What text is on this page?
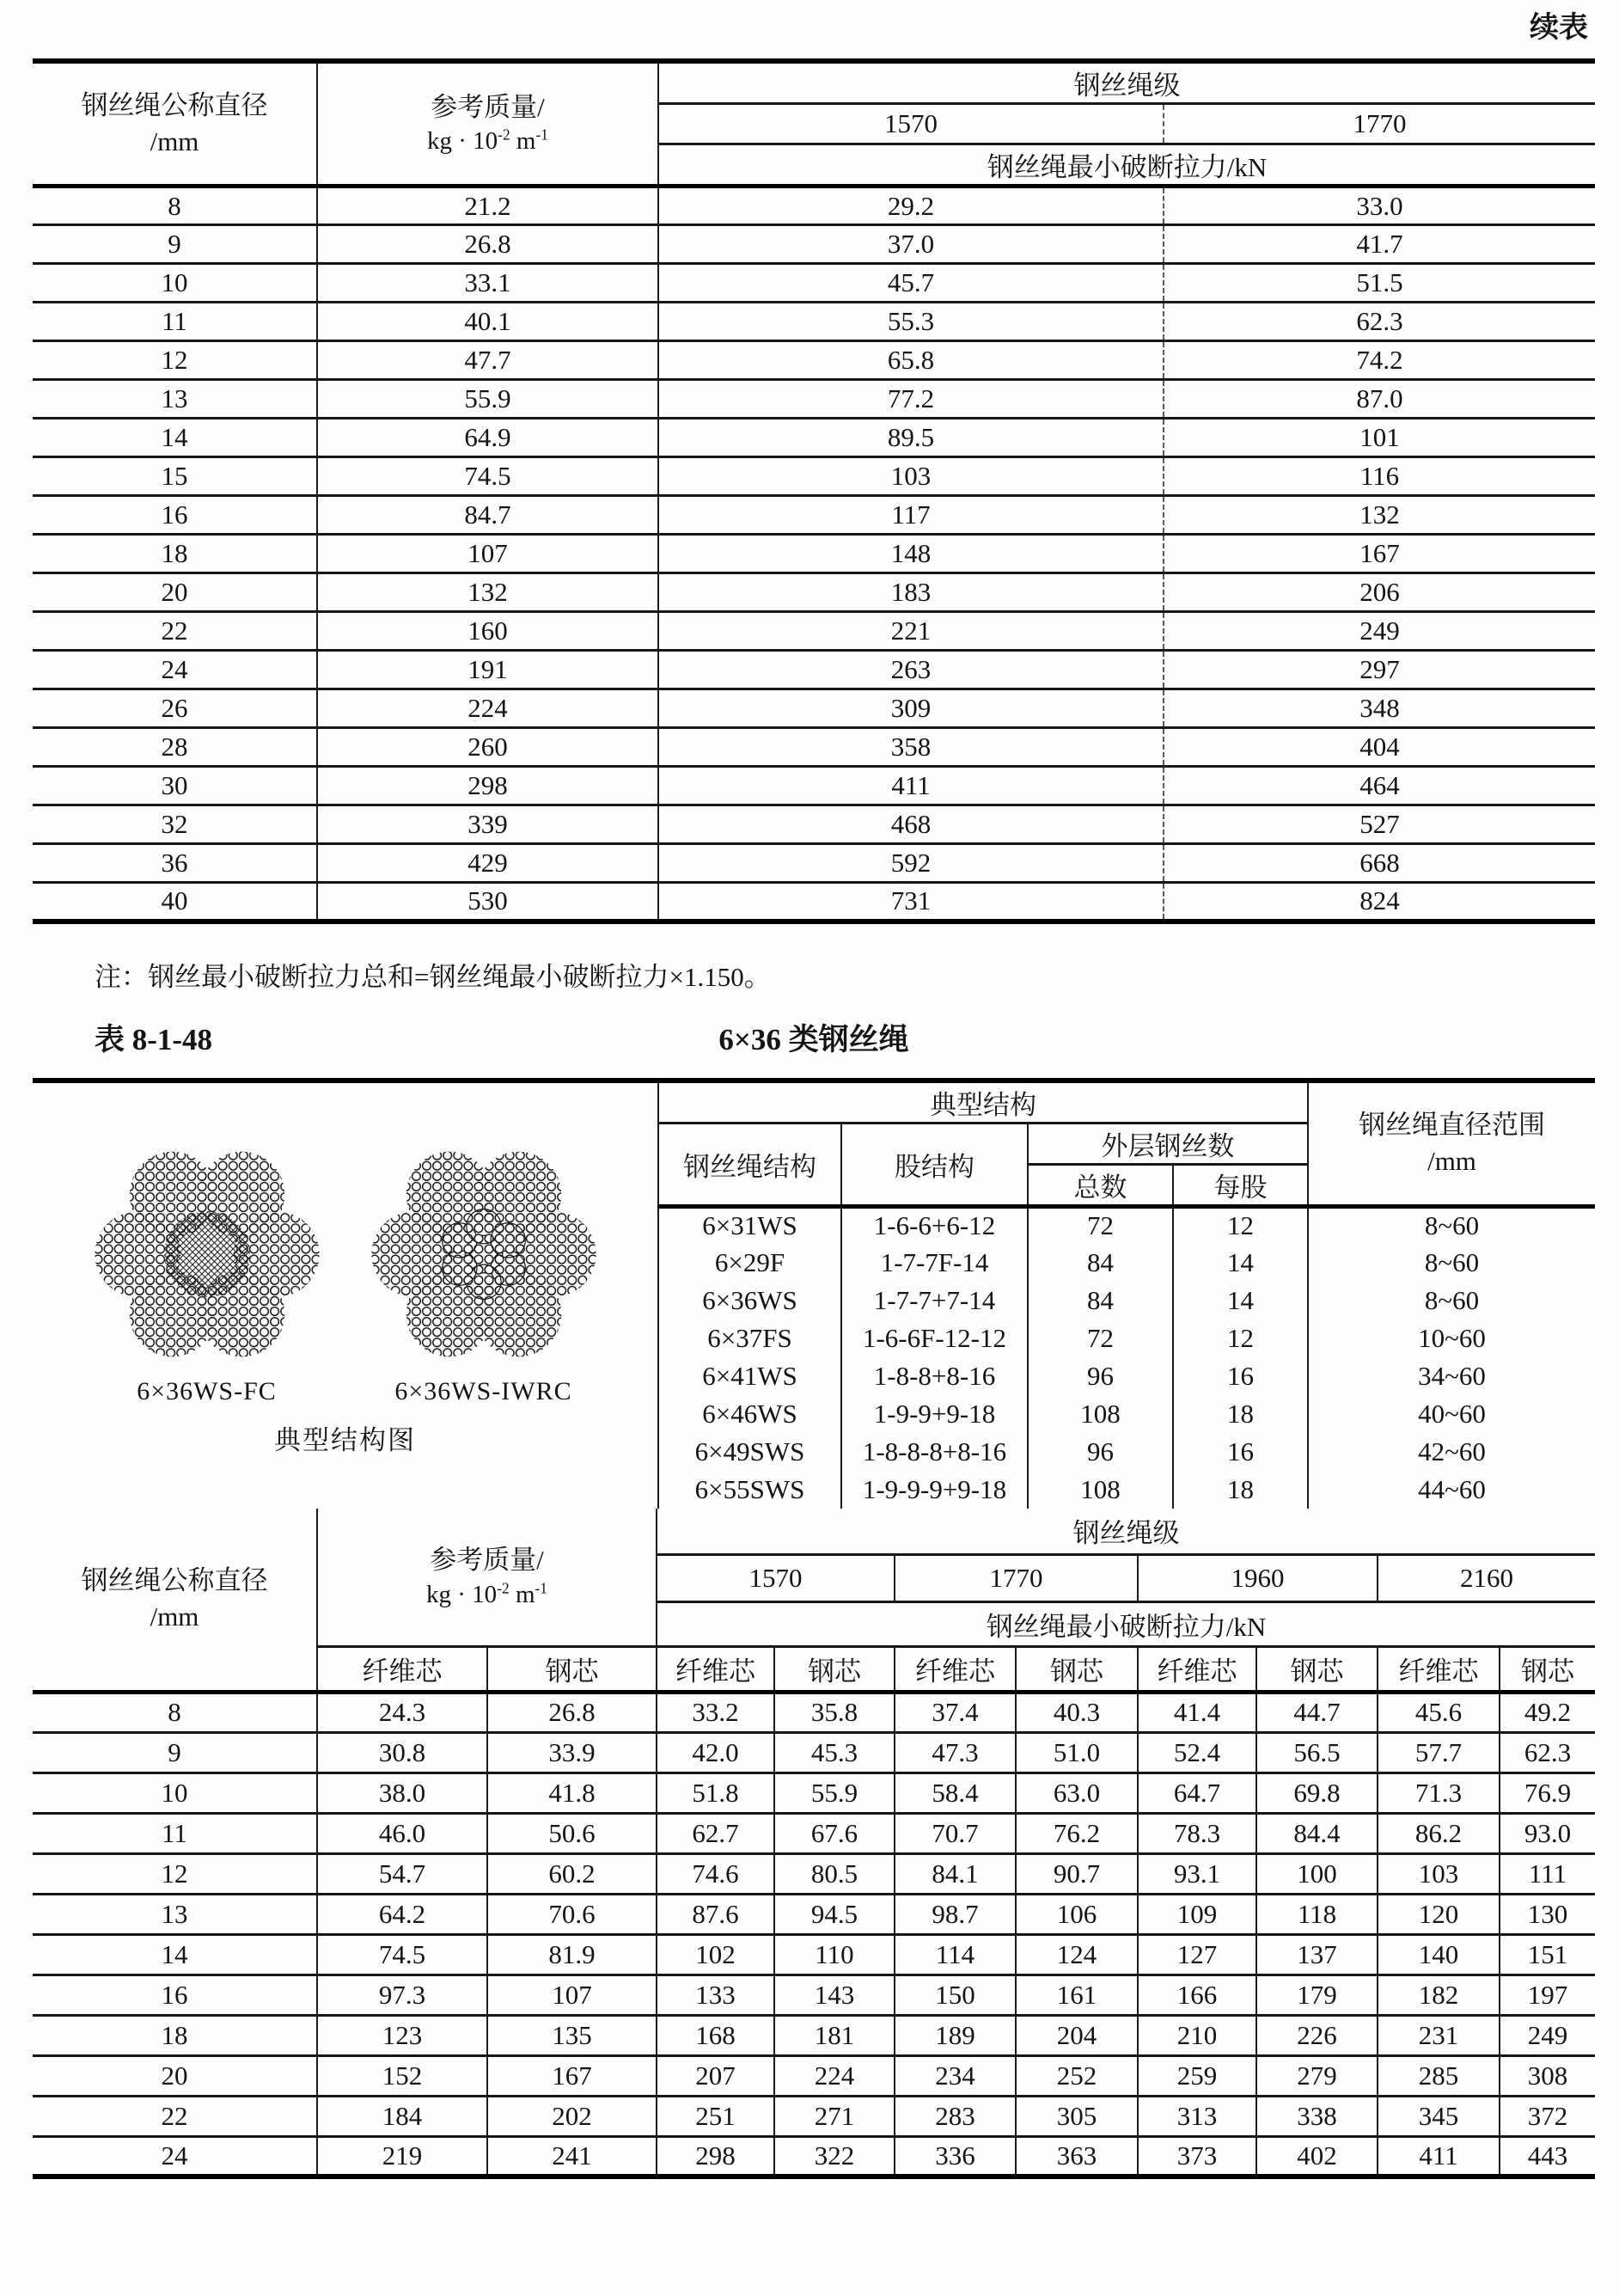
续表
钢丝绳公称直径
/mm

参考质量/
kg · $10^{-2}$ $m^{-1}$
	钢丝绳级
		1570	1770
		钢丝绳最小破断拉力/kN	
8	21.2	29.2	33.0
9	26.8	37.0	41.7
10	33.1	45.7	51.5
11	40.1	55.3	62.3
12	47.7	65.8	74.2
13	55.9	77.2	87.0
14	64.9	89.5	101
15	74.5	103	116
16	84.7	117	132
18	107	148	167
20	132	183	206
22	160	221	249
24	191	263	297
26	224	309	348
28	260	358	404
30	298	411	464
32	339	468	527
36	429	592	668
40	530	731	824
注：钢丝最小破断拉力总和=钢丝绳最小破断拉力×1.150。
表 8-1-48	6×36 类钢丝绳
6×36WS-FC	6×36WS-IWRC
典型结构图
	典型结构	
钢丝绳直径范围
/mm

	钢丝绳结构	股结构	外层钢丝数		
			总数	每股	
	6×31WS	1-6-6+6-12	72	12	8~60
	6×29F	1-7-7F-14	84	14	8~60
	6×36WS	1-7-7+7-14	84	14	8~60
	6×37FS	1-6-6F-12-12	72	12	10~60
	6×41WS	1-8-8+8-16	96	16	34~60
	6×46WS	1-9-9+9-18	108	18	40~60
	6×49SWS	1-8-8-8+8-16	96	16	42~60
	6×55SWS	1-9-9-9+9-18	108	18	44~60
钢丝绳公称直径
/mm

参考质量/
kg · $10^{-2}$ $m^{-1}$
	钢丝绳级
			1570		1770		1960		2160	
			钢丝绳最小破断拉力/kN							
	纤维芯	钢芯	纤维芯	钢芯	纤维芯	钢芯	纤维芯	钢芯	纤维芯	钢芯
8	24.3	26.8	33.2	35.8	37.4	40.3	41.4	44.7	45.6	49.2
9	30.8	33.9	42.0	45.3	47.3	51.0	52.4	56.5	57.7	62.3
10	38.0	41.8	51.8	55.9	58.4	63.0	64.7	69.8	71.3	76.9
11	46.0	50.6	62.7	67.6	70.7	76.2	78.3	84.4	86.2	93.0
12	54.7	60.2	74.6	80.5	84.1	90.7	93.1	100	103	111
13	64.2	70.6	87.6	94.5	98.7	106	109	118	120	130
14	74.5	81.9	102	110	114	124	127	137	140	151
16	97.3	107	133	143	150	161	166	179	182	197
18	123	135	168	181	189	204	210	226	231	249
20	152	167	207	224	234	252	259	279	285	308
22	184	202	251	271	283	305	313	338	345	372
24	219	241	298	322	336	363	373	402	411	443
